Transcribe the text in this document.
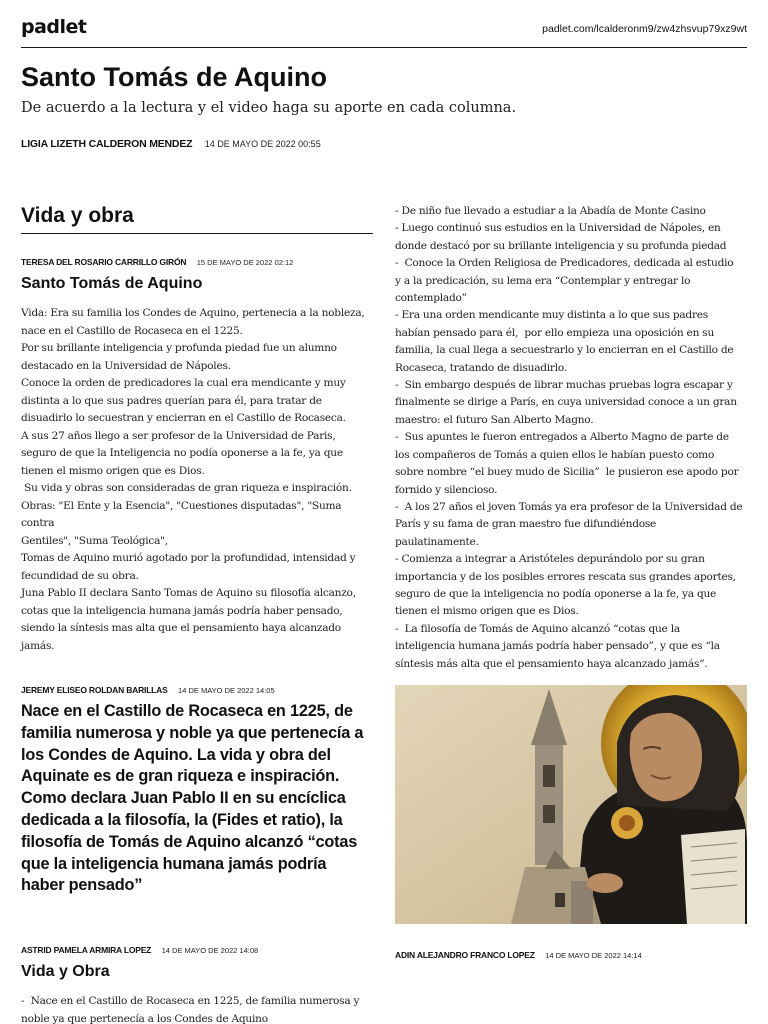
padlet	padlet.com/lcalderonm9/zw4zhsvup79xz9wt
Santo Tomás de Aquino
De acuerdo a la lectura y el video haga su aporte en cada columna.
LIGIA LIZETH CALDERON MENDEZ 14 DE MAYO DE 2022 00:55
Vida y obra
TERESA DEL ROSARIO CARRILLO GIRÓN 15 DE MAYO DE 2022 02:12
Santo Tomás de Aquino
Vida: Era su familia los Condes de Aquino, pertenecia a la nobleza,
nace en el Castillo de Rocaseca en el 1225.
Por su brillante inteligencia y profunda piedad fue un alumno
destacado en la Universidad de Nápoles.
Conoce la orden de predicadores la cual era mendicante y muy
distinta a lo que sus padres querían para él, para tratar de
disuadirlo lo secuestran y encierran en el Castillo de Rocaseca.
A sus 27 años llego a ser profesor de la Universidad de Paris,
seguro de que la Inteligencia no podía oponerse a la fe, ya que
tienen el mismo origen que es Dios.
Su vida y obras son consideradas de gran riqueza e inspiración.
Obras: "El Ente y la Esencia", "Cuestiones disputadas", "Suma contra
Gentiles", "Suma Teológica",
Tomas de Aquino murió agotado por la profundidad, intensidad y
fecundidad de su obra.
Juna Pablo II declara Santo Tomas de Aquino su filosofía alcanzo,
cotas que la inteligencia humana jamás podría haber pensado,
siendo la síntesis mas alta que el pensamiento haya alcanzado
jamás.
JEREMY ELISEO ROLDAN BARILLAS 14 DE MAYO DE 2022 14:05
Nace en el Castillo de Rocaseca en 1225, de
familia numerosa y noble ya que pertenecía a
los Condes de Aquino. La vida y obra del
Aquinate es de gran riqueza e inspiración.
Como declara Juan Pablo II en su encíclica
dedicada a la filosofía, la (Fides et ratio), la
filosofía de Tomás de Aquino alcanzó “cotas
que la inteligencia humana jamás podría
haber pensado”
ASTRID PAMELA ARMIRA LOPEZ 14 DE MAYO DE 2022 14:08
Vida y Obra
-  Nace en el Castillo de Rocaseca en 1225, de familia numerosa y
noble ya que pertenecía a los Condes de Aquino
- De niño fue llevado a estudiar a la Abadía de Monte Casino
- Luego continuó sus estudios en la Universidad de Nápoles, en
donde destacó por su brillante inteligencia y su profunda piedad
-  Conoce la Orden Religiosa de Predicadores, dedicada al estudio
y a la predicación, su lema era “Contemplar y entregar lo
contemplado”
- Era una orden mendicante muy distinta a lo que sus padres
habían pensado para él,  por ello empieza una oposición en su
familia, la cual llega a secuestrarlo y lo encierran en el Castillo de
Rocaseca, tratando de disuadirlo.
-  Sin embargo después de librar muchas pruebas logra escapar y
finalmente se dirige a París, en cuya universidad conoce a un gran
maestro: el futuro San Alberto Magno.
-  Sus apuntes le fueron entregados a Alberto Magno de parte de
los compañeros de Tomás a quien ellos le habían puesto como
sobre nombre “el buey mudo de Sicilia”  le pusieron ese apodo por
fornido y silencioso.
-  A los 27 años el joven Tomás ya era profesor de la Universidad de
París y su fama de gran maestro fue difundiéndose
paulatinamente.
- Comienza a integrar a Aristóteles depurándolo por su gran
importancia y de los posibles errores rescata sus grandes aportes,
seguro de que la inteligencia no podía oponerse a la fe, ya que
tienen el mismo origen que es Dios.
-  La filosofía de Tomás de Aquino alcanzó “cotas que la
inteligencia humana jamás podría haber pensado”, y que es “la
síntesis más alta que el pensamiento haya alcanzado jamás”.
ADIN ALEJANDRO FRANCO LOPEZ 14 DE MAYO DE 2022 14:14
